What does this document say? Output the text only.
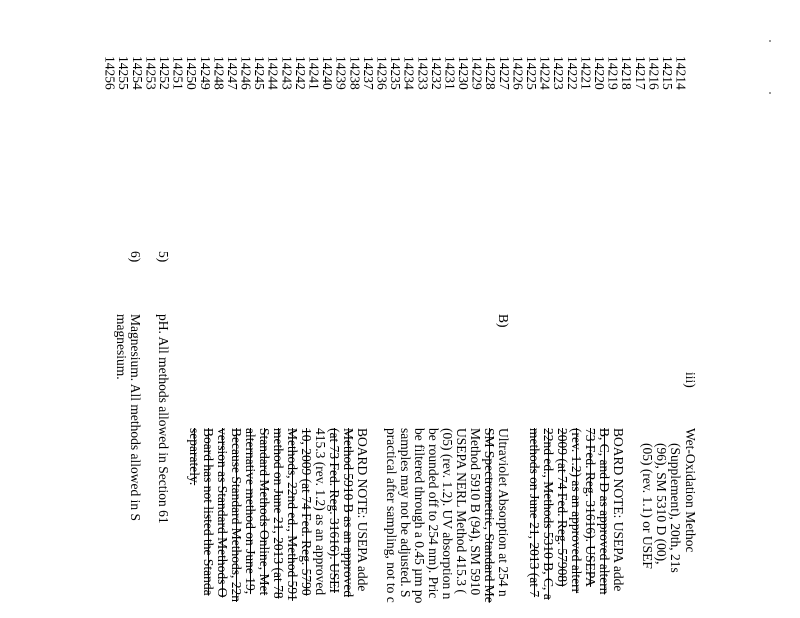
14214
14215
14216
14217
14218
14219
14220
14221
14222
14223
14224
14225
14226
14227
14228
14229
14230
14231
14232
14233
14234
14235
14236
14237
14238
14239
14240
14241
14242
14243
14244
14245
14246
14247
14248
14249
14250
14251
14252
14253
14254
14255
14256
iii)
Wet-Oxidation Methoc
(Supplement), 20th, 21s
(96), SM 5310 D (00),
(05) (rev. 1.1) or USEF
BOARD NOTE: USEPA adde
B, C, and D as approved altern
73 Fed. Reg. 31616). USEPA
(rev. 1.2) as an approved alterr
2009 (at 74 Fed. Reg. 57908)
22nd ed., Methods 5310 B, C, a
methods on June 21, 2013 (at 7
B)
Ultraviolet Absorption at 254 n
SM Spectrometric, Standard Me
Method 5910 B (94), SM 5910
USEPA NERL Method 415.3 (
(05) (rev. 1.2). UV absorption n
be rounded off to 254 nm). Pric
be filtered through a 0.45 µm po
samples may not be adjusted. S
practical after sampling, not to c
BOARD NOTE: USEPA adde
Method 5910 B as an approved
(at 73 Fed. Reg. 31616). USEI
415.3 (rev. 1.2) as an approved
10, 2009 (at 74 Fed. Reg. 5790
Methods, 22nd ed., Method 591
method on June 21, 2013 (at 78
Standard Methods Online, Met
alternative method on June 19,
Because Standard Methods, 22n
version as Standard Methods O
Board has not listed the Standa
separately.
5)
pH. All methods allowed in Section 61
6)
Magnesium. All methods allowed in S
magnesium.
